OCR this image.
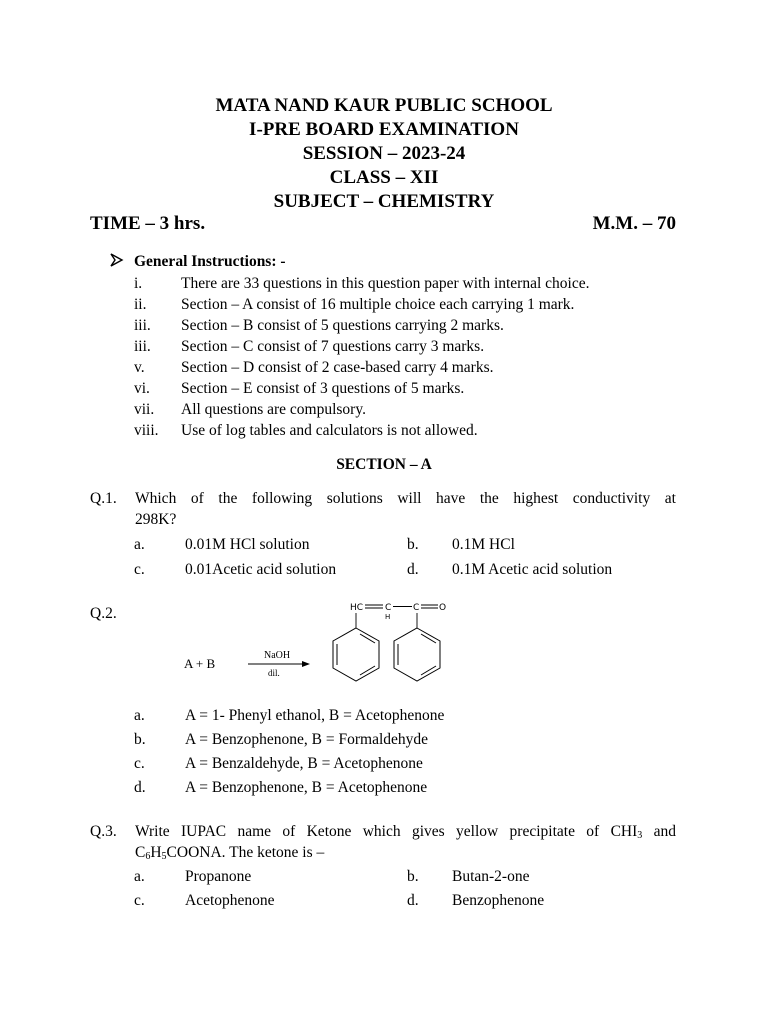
MATA NAND KAUR PUBLIC SCHOOL
I-PRE BOARD EXAMINATION
SESSION – 2023-24
CLASS – XII
SUBJECT – CHEMISTRY
TIME – 3 hrs.	M.M. – 70
General Instructions: -
i.	There are 33 questions in this question paper with internal choice.
ii.	Section – A consist of 16 multiple choice each carrying 1 mark.
iii.	Section – B consist of 5 questions carrying 2 marks.
iii.	Section – C consist of 7 questions carry 3 marks.
v.	Section – D consist of 2 case-based carry 4 marks.
vi.	Section – E consist of 3 questions of 5 marks.
vii.	All questions are compulsory.
viii.	Use of log tables and calculators is not allowed.
SECTION – A
Q.1. Which of the following solutions will have the highest conductivity at
298K?
a.	0.01M HCl solution	b. 0.1M HCl
c.	0.01Acetic acid solution	d. 0.1M Acetic acid solution
Q.2.
A + B
NaOH
dil.
HC C
H
C O
a.	A = 1- Phenyl ethanol, B = Acetophenone
b.	A = Benzophenone, B = Formaldehyde
c.	A = Benzaldehyde, B = Acetophenone
d.	A = Benzophenone, B = Acetophenone
Q.3. Write IUPAC name of Ketone which gives yellow precipitate of $CHI_3$ and
$C_6H_5COONA$. The ketone is –
a.	Propanone	b. Butan-2-one
c.	Acetophenone	d. Benzophenone
